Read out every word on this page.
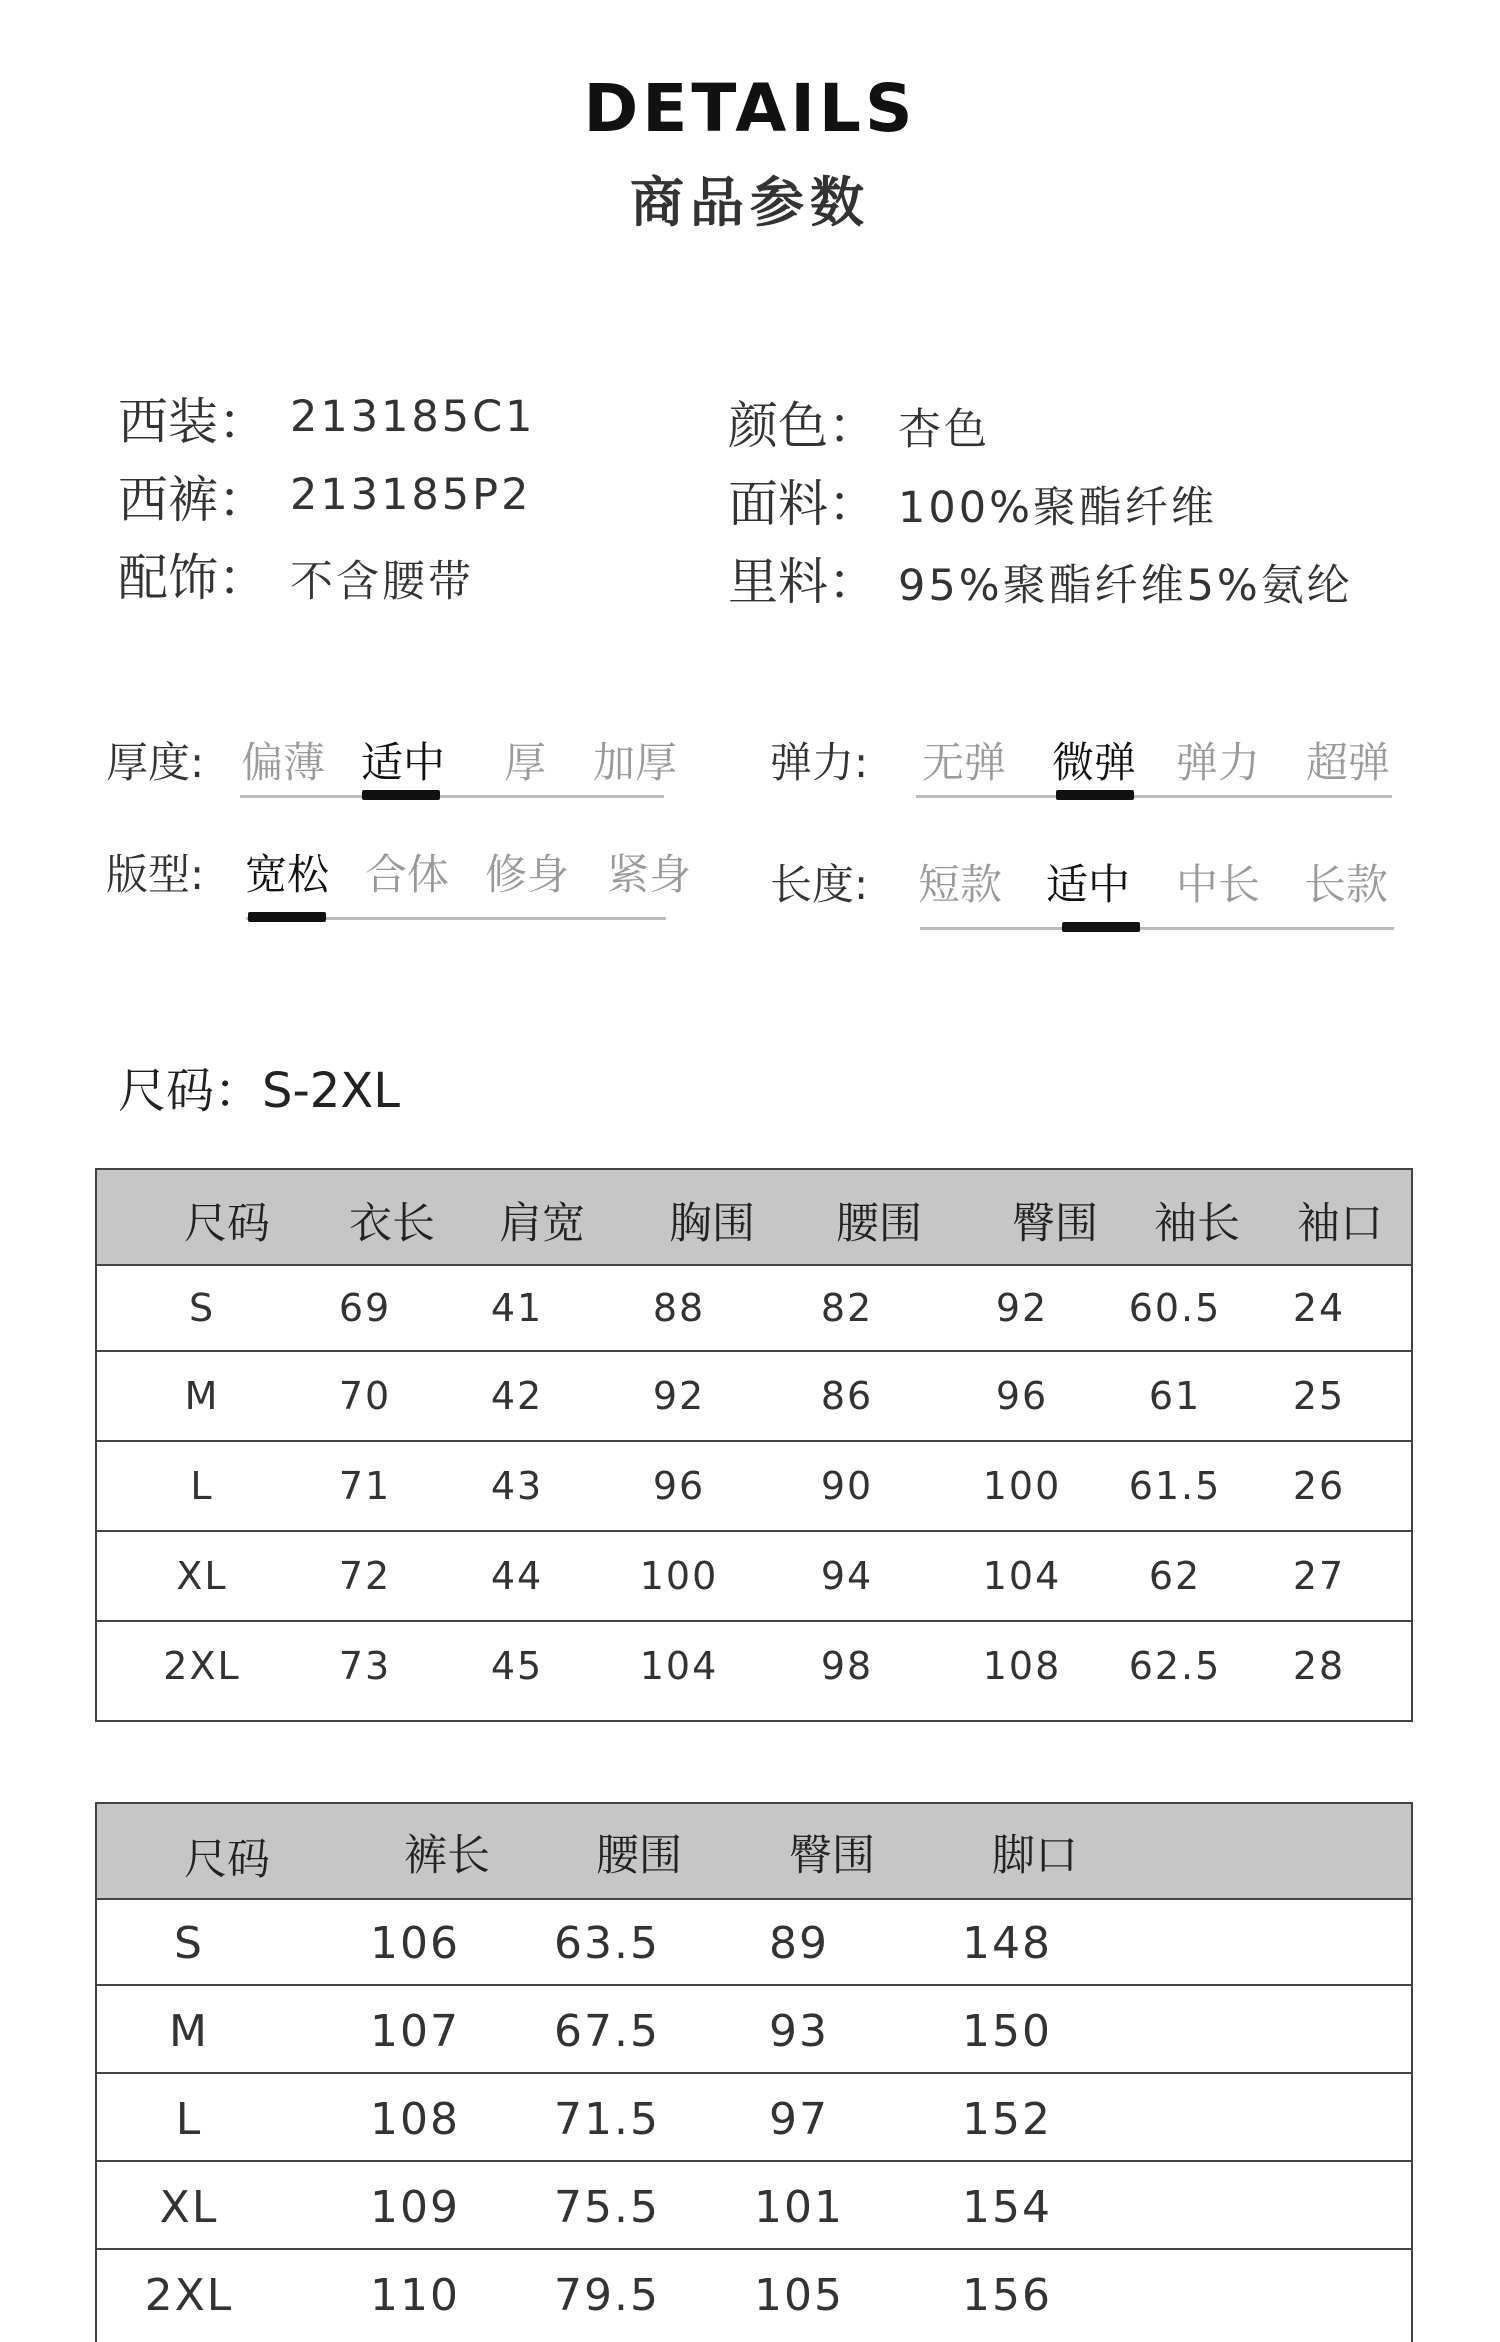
DETAILS
商品参数
西装： 213185C1
西裤： 213185P2
配饰： 不含腰带
颜色： 杏色
面料： 100%聚酯纤维
里料： 95%聚酯纤维5%氨纶
厚度: 偏薄 适中	厚	加厚	弹力:	无弹	微弹 弹力	超弹
版型: 宽松 合体 修身 紧身	长度:	短款	适中	中长	长款
尺码：S-2XL
尺码	衣长	肩宽	胸围	腰围	臀围	袖长	袖口
S	69	41	88	82	92	60.5	24
M	70	42	92	86	96	61	25
L	71	43	96	90	100	61.5	26
XL	72	44	100	94	104	62	27
2XL	73	45	104	98	108	62.5	28
尺码	裤长	腰围	臀围	脚口
S	106	63.5	89	148
M	107	67.5	93	150
L	108	71.5	97	152
XL	109	75.5	101	154
2XL	110	79.5	105	156
